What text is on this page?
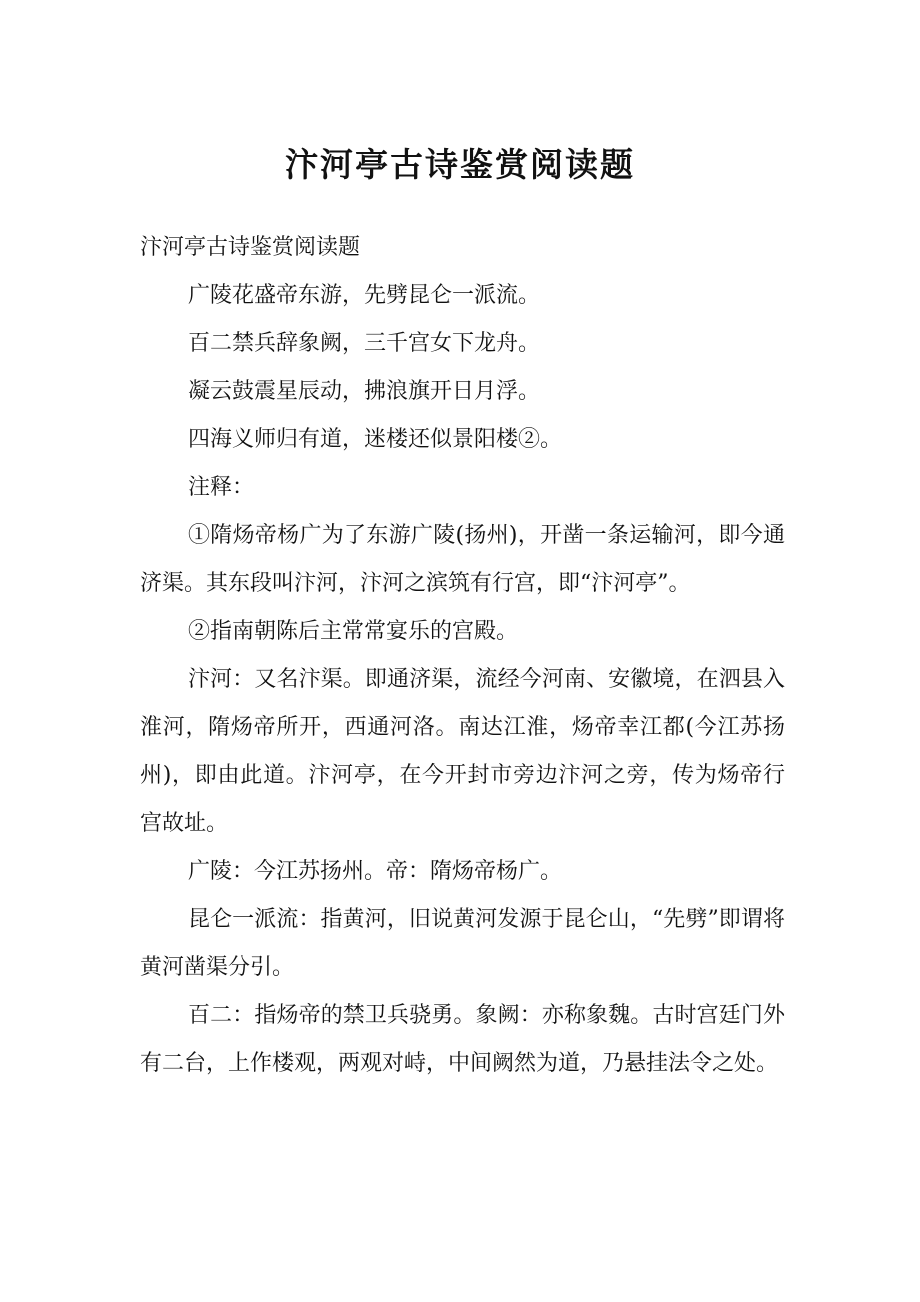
汴河亭古诗鉴赏阅读题

汴河亭古诗鉴赏阅读题

广陵花盛帝东游，先劈昆仑一派流。

百二禁兵辞象阙，三千宫女下龙舟。

凝云鼓震星辰动，拂浪旗开日月浮。

四海义师归有道，迷楼还似景阳楼②。

注释：

①隋炀帝杨广为了东游广陵(扬州)，开凿一条运输河，即今通济渠。其东段叫汴河，汴河之滨筑有行宫，即“汴河亭”。

②指南朝陈后主常常宴乐的宫殿。

汴河：又名汴渠。即通济渠，流经今河南、安徽境，在泗县入淮河，隋炀帝所开，西通河洛。南达江淮，炀帝幸江都(今江苏扬州)，即由此道。汴河亭，在今开封市旁边汴河之旁，传为炀帝行宫故址。

广陵：今江苏扬州。帝：隋炀帝杨广。

昆仑一派流：指黄河，旧说黄河发源于昆仑山，“先劈”即谓将黄河凿渠分引。

百二：指炀帝的禁卫兵骁勇。象阙：亦称象魏。古时宫廷门外有二台，上作楼观，两观对峙，中间阙然为道，乃悬挂法令之处。
